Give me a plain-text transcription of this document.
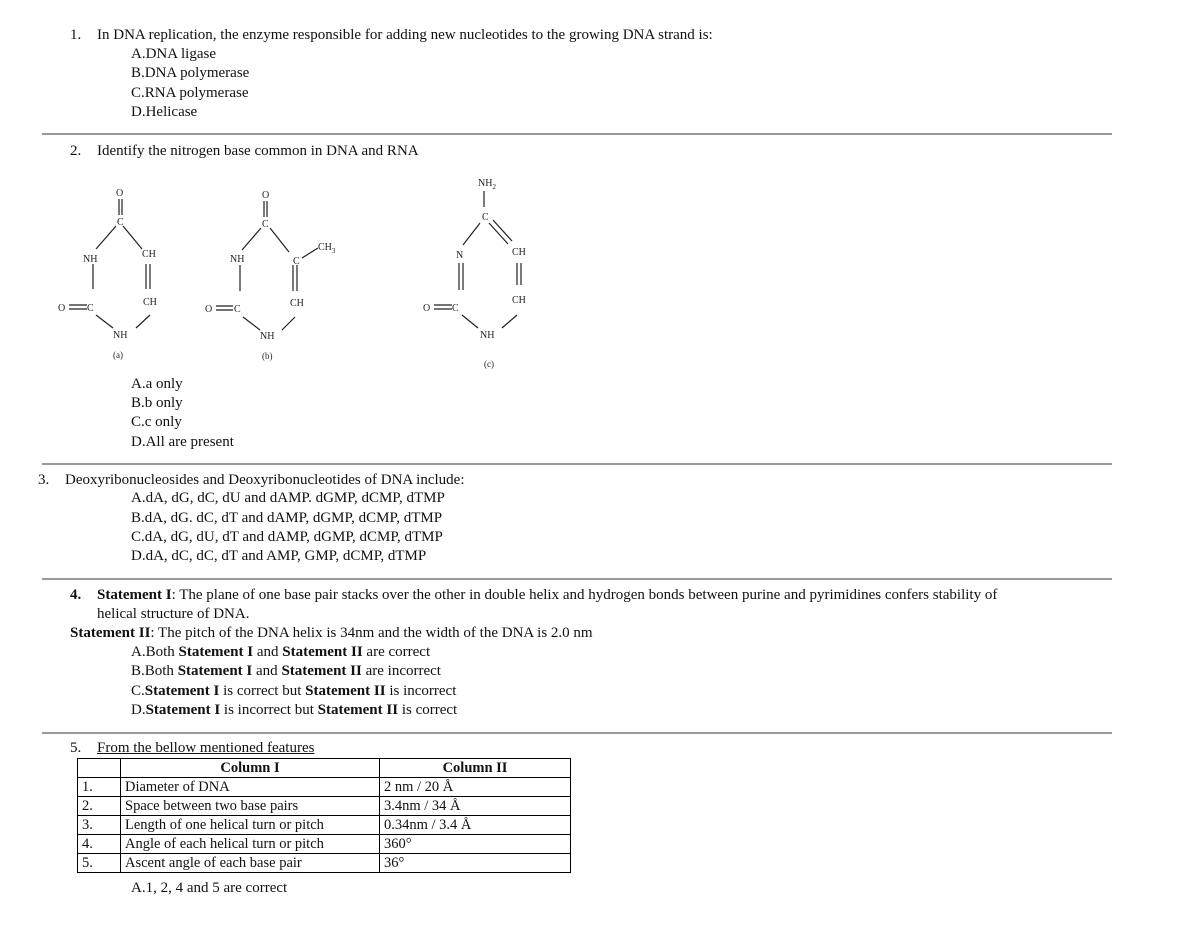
1. In DNA replication, the enzyme responsible for adding new nucleotides to the growing DNA strand is:
A.DNA ligase
B.DNA polymerase
C.RNA polymerase
D.Helicase
2. Identify the nitrogen base common in DNA and RNA
O
C
NH	CH
CH
O C
NH
(a)
O
C
NH	C
$CH_3$
CH
O C
NH
(b)
$NH_2$
C
N	CH
CH
O C
NH
(c)
A.a only
B.b only
C.c only
D.All are present
3. Deoxyribonucleosides and Deoxyribonucleotides of DNA include:
A.dA, dG, dC, dU and dAMP. dGMP, dCMP, dTMP
B.dA, dG. dC, dT and dAMP, dGMP, dCMP, dTMP
C.dA, dG, dU, dT and dAMP, dGMP, dCMP, dTMP
D.dA, dC, dC, dT and AMP, GMP, dCMP, dTMP
4. Statement I: The plane of one base pair stacks over the other in double helix and hydrogen bonds between purine and pyrimidines confers stability of
helical structure of DNA.
Statement II: The pitch of the DNA helix is 34nm and the width of the DNA is 2.0 nm
A.Both Statement I and Statement II are correct
B.Both Statement I and Statement II are incorrect
C.Statement I is correct but Statement II is incorrect
D.Statement I is incorrect but Statement II is correct
5. From the bellow mentioned features
	Column I	Column II
1.	Diameter of DNA	2 nm / 20 Å
2.	Space between two base pairs	3.4nm / 34 Å
3.	Length of one helical turn or pitch	0.34nm / 3.4 Å
4.	Angle of each helical turn or pitch	360°
5.	Ascent angle of each base pair	36°
A.1, 2, 4 and 5 are correct
